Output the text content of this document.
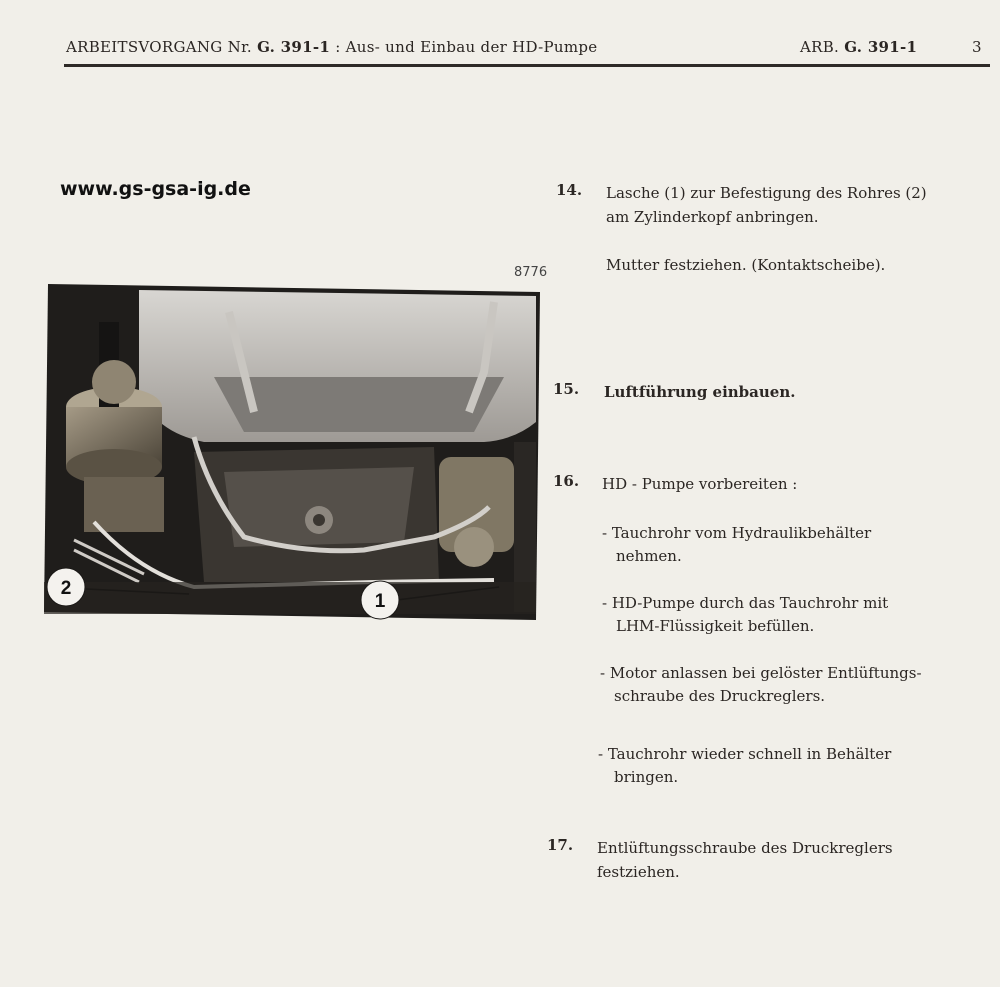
ARBEITSVORGANG Nr. G. 391-1 : Aus- und Einbau der HD-Pumpe	ARB. G. 391-1	3
www.gs-gsa-ig.de
8776
2
1
14. Lasche (1) zur Befestigung des Rohres (2)
am Zylinderkopf anbringen.
Mutter festziehen. (Kontaktscheibe).
15. Luftführung einbauen.
16. HD - Pumpe vorbereiten :
- Tauchrohr vom Hydraulikbehälter
nehmen.
- HD-Pumpe durch das Tauchrohr mit
LHM-Flüssigkeit befüllen.
- Motor anlassen bei gelöster Entlüftungs-
schraube des Druckreglers.
- Tauchrohr wieder schnell in Behälter
bringen.
17. Entlüftungsschraube des Druckreglers
festziehen.
